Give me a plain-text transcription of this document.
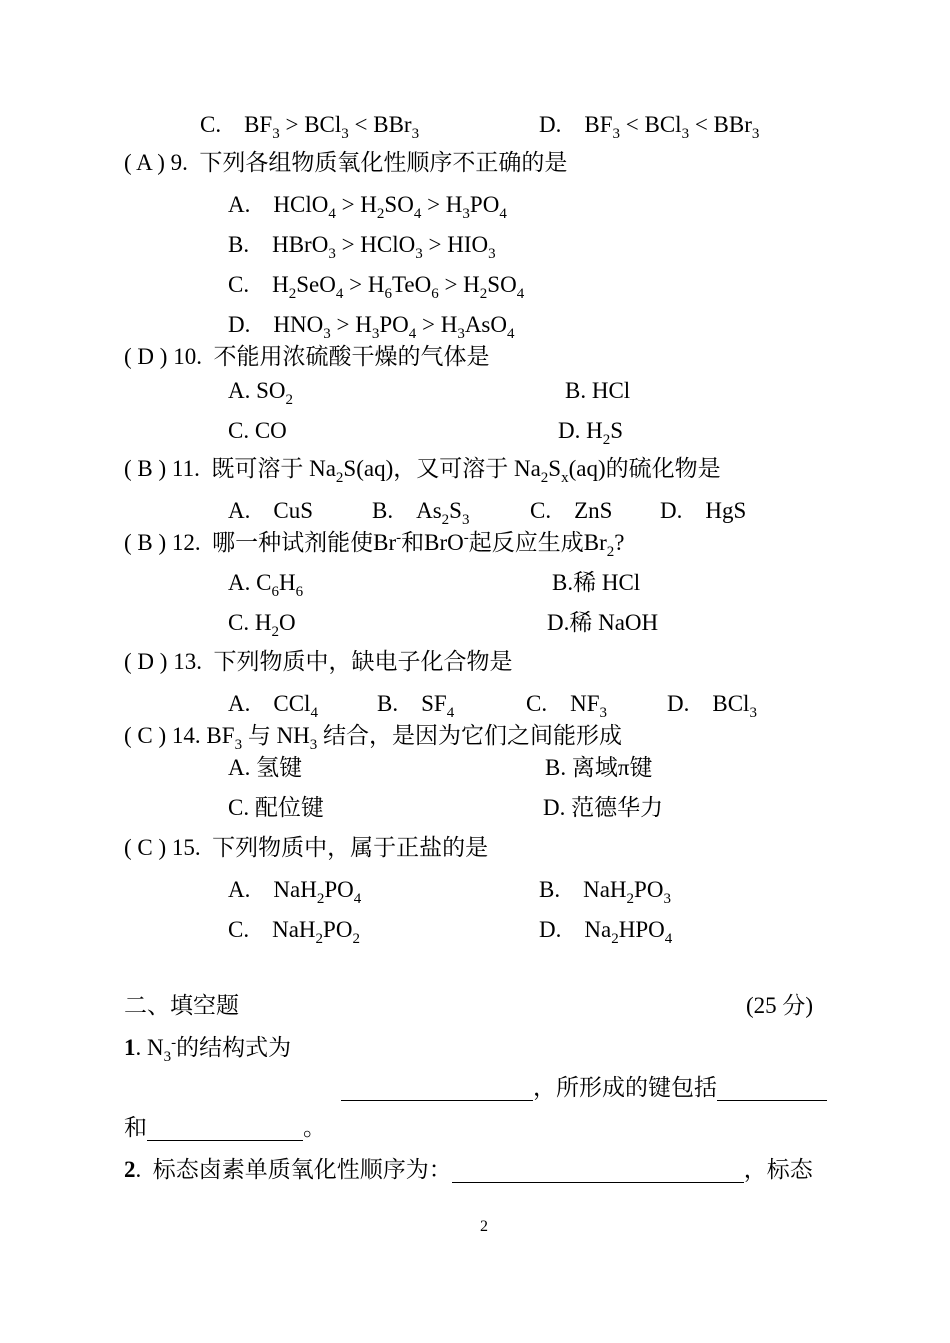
C. $BF_3 > BCl_3 < BBr_3$	D. $BF_3 < BCl_3 < BBr_3$
( A ) 9. 下列各组物质氧化性顺序不正确的是
A. HClO$_4$ > $H_2SO_4 > H_3PO_4$
B. HBrO$_3$ > HClO$_3$ > $HIO_3$
C. $H_2SeO_4 > H_6TeO_6 > H_2SO_4$
D. $HNO_3 > H_3PO_4 > H_3AsO_4$
( D ) 10. 不能用浓硫酸干燥的气体是
A. $SO_2$	B. HCl
C. CO	D. $H_2S$
( B ) 11. 既可溶于 $Na_2S(aq)$，又可溶于 $Na_2S_x(aq)$的硫化物是
A. CuS	B. $As_2S_3$	C. ZnS D. HgS
( B ) 12. 哪一种试剂能使Br-和BrO-起反应生成$Br_2$?
A. $C_6H_6$	B.稀 HCl
C. $H_2O$	D.稀 NaOH
( D ) 13. 下列物质中，缺电子化合物是
A. CCl$_4$	B. $SF_4$	C. $NF_3$	D. BCl$_3$
( C ) 14. $BF_3$ 与 $NH_3$ 结合，是因为它们之间能形成
A. 氢键	B. 离域π键
C. 配位键	D. 范德华力
( C ) 15. 下列物质中，属于正盐的是
A. $NaH_2PO_4$	B. $NaH_2PO_3$
C. $NaH_2PO_2$	D. $Na_2HPO_4$
二、填空题	(25 分)
1. $N_3^-$的结构式为
，所形成的键包括
和	。
2.  标态卤素单质氧化性顺序为：	，标态
2
